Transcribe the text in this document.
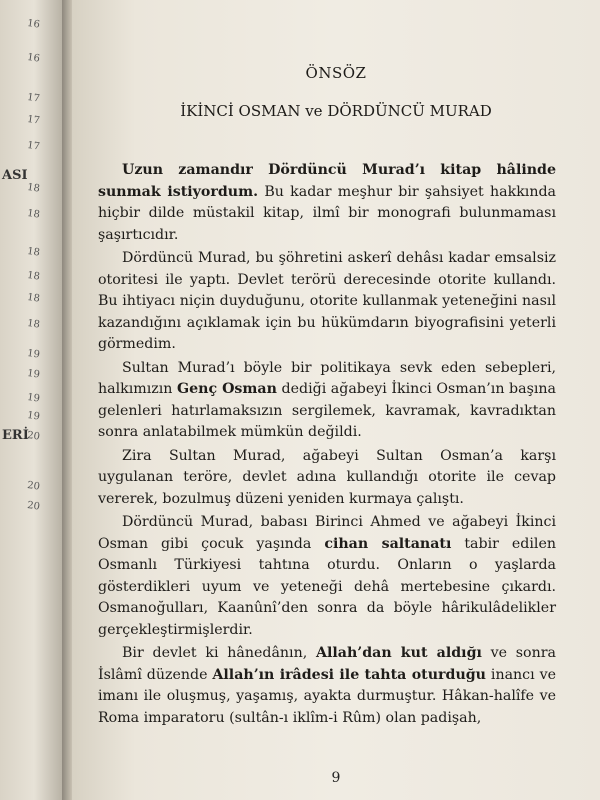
16
16
17
17
17
18
18
18
18
18
18
19
19
19
19
20
20
20
ASI
ERİ
ÖNSÖZ
İKİNCİ OSMAN ve DÖRDÜNCÜ MURAD

Uzun zamandır Dördüncü Murad’ı kitap hâlinde sunmak istiyordum. Bu kadar meşhur bir şahsiyet hakkında hiçbir dilde müstakil kitap, ilmî bir monografi bulunmaması şaşırtıcıdır.

Dördüncü Murad, bu şöhretini askerî dehâsı kadar emsalsiz otoritesi ile yaptı. Devlet terörü derecesinde otorite kullandı. Bu ihtiyacı niçin duyduğunu, otorite kullanmak yeteneğini nasıl kazandığını açıklamak için bu hükümdarın biyografisini yeterli görmedim.

Sultan Murad’ı böyle bir politikaya sevk eden sebepleri, halkımızın Genç Osman dediği ağabeyi İkinci Osman’ın başına gelenleri hatırlamaksızın sergilemek, kavramak, kavradıktan sonra anlatabilmek mümkün değildi.

Zira Sultan Murad, ağabeyi Sultan Osman’a karşı uygulanan teröre, devlet adına kullandığı otorite ile cevap vererek, bozulmuş düzeni yeniden kurmaya çalıştı.

Dördüncü Murad, babası Birinci Ahmed ve ağabeyi İkinci Osman gibi çocuk yaşında cihan saltanatı tabir edilen Osmanlı Türkiyesi tahtına oturdu. Onların o yaşlarda gösterdikleri uyum ve yeteneği dehâ mertebesine çıkardı. Osmanoğulları, Kaanûnî’den sonra da böyle hârikulâdelikler gerçekleştirmişlerdir.

Bir devlet ki hânedânın, Allah’dan kut aldığı ve sonra İslâmî düzende Allah’ın irâdesi ile tahta oturduğu inancı ve imanı ile oluşmuş, yaşamış, ayakta durmuştur. Hâkan-halîfe ve Roma imparatoru (sultân-ı iklîm-i Rûm) olan padişah,

9
